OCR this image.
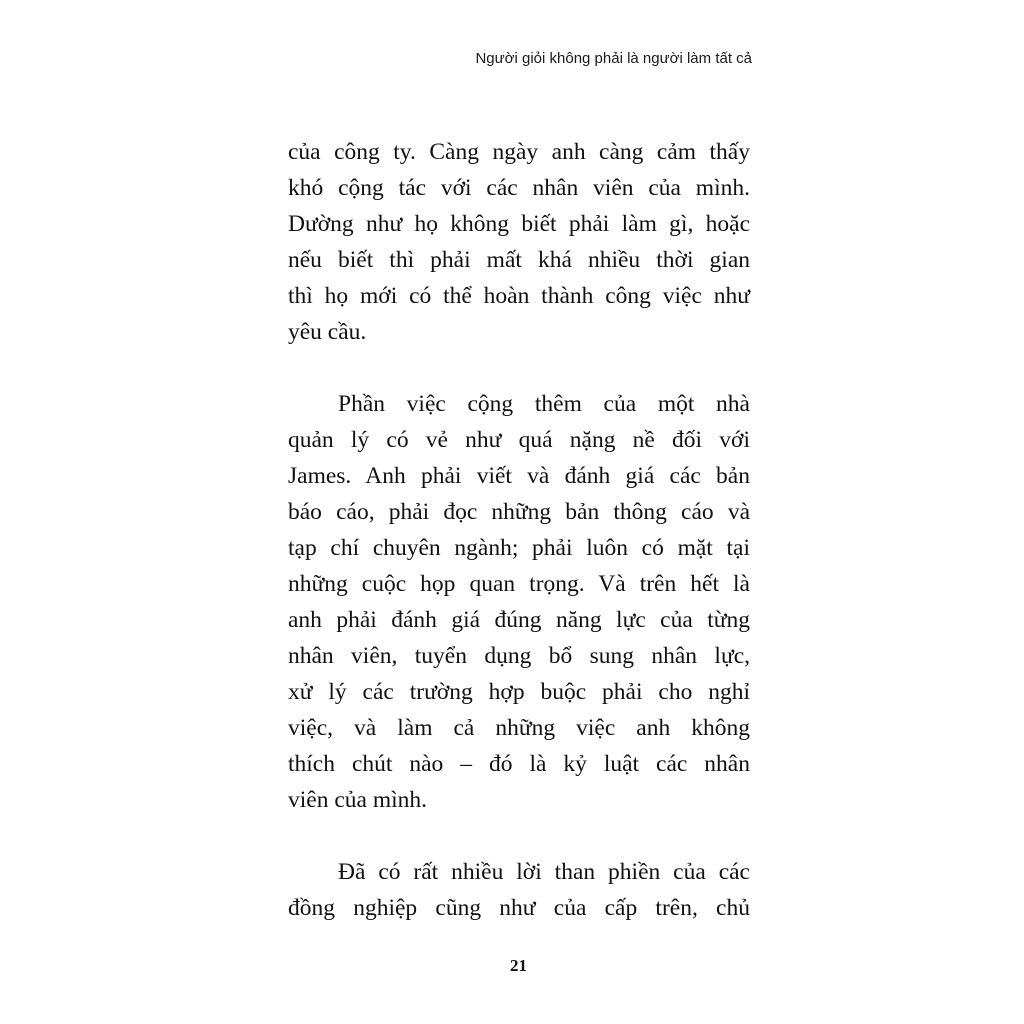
Người giỏi không phải là người làm tất cả

của công ty. Càng ngày anh càng cảm thấy
khó cộng tác với các nhân viên của mình.
Dường như họ không biết phải làm gì, hoặc
nếu biết thì phải mất khá nhiều thời gian
thì họ mới có thể hoàn thành công việc như
yêu cầu.

Phần việc cộng thêm của một nhà
quản lý có vẻ như quá nặng nề đối với
James. Anh phải viết và đánh giá các bản
báo cáo, phải đọc những bản thông cáo và
tạp chí chuyên ngành; phải luôn có mặt tại
những cuộc họp quan trọng. Và trên hết là
anh phải đánh giá đúng năng lực của từng
nhân viên, tuyển dụng bổ sung nhân lực,
xử lý các trường hợp buộc phải cho nghỉ
việc, và làm cả những việc anh không
thích chút nào – đó là kỷ luật các nhân
viên của mình.

Đã có rất nhiều lời than phiền của các
đồng nghiệp cũng như của cấp trên, chủ

21
